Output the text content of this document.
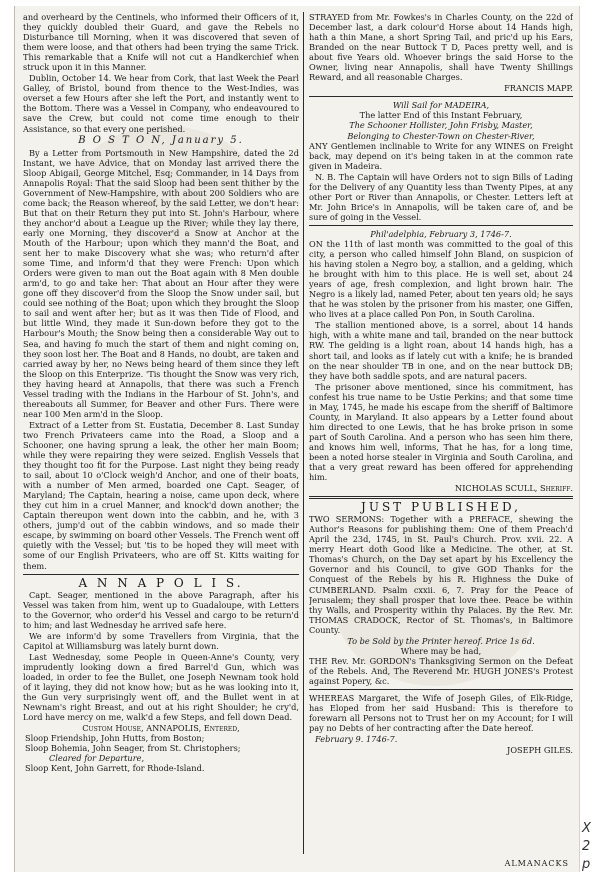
and overheard by the Centinels, who informed their Officers of it, they quickly doubled their Guard, and gave the Rebels no Disturbance till Morning, when it was discovered that seven of them were loose, and that others had been trying the same Trick. This remarkable that a Knife will not cut a Handkerchief when struck upon it in this Manner.
Dublin, October 14. We hear from Cork, that last Week the Pearl Galley, of Bristol, bound from thence to the West-Indies, was overset a few Hours after she left the Port, and instantly went to the Bottom. There was a Vessel in Company, who endeavoured to save the Crew, but could not come time enough to their Assistance, so that every one perished.
B O S T O N, January 5.
By a Letter from Portsmouth in New Hampshire, dated the 2d Instant, we have Advice, that on Monday last arrived there the Sloop Abigail, George Mitchel, Esq; Commander, in 14 Days from Annapolis Royal: That the said Sloop had been sent thither by the Government of New-Hampshire, with about 200 Soldiers who are come back; the Reason whereof, by the said Letter, we don't hear: But that on their Return they put into St. John's Harbour, where they anchor'd about a League up the River; while they lay there, early one Morning, they discover'd a Snow at Anchor at the Mouth of the Harbour; upon which they mann'd the Boat, and sent her to make Discovery what she was; who return'd after some Time, and inform'd that they were French: Upon which Orders were given to man out the Boat again with 8 Men double arm'd, to go and take her: That about an Hour after they were gone off they discover'd from the Sloop the Snow under sail, but could see nothing of the Boat; upon which they brought the Sloop to sail and went after her; but as it was then Tide of Flood, and but little Wind, they made it Sun-down before they got to the Harbour's Mouth; the Snow being then a considerable Way out to Sea, and having fo much the start of them and night coming on, they soon lost her. The Boat and 8 Hands, no doubt, are taken and carried away by her, no News being heard of them since they left the Sloop on this Enterprize. 'Tis thought the Snow was very rich, they having heard at Annapolis, that there was such a French Vessel trading with the Indians in the Harbour of St. John's, and thereabouts all Summer, for Beaver and other Furs. There were near 100 Men arm'd in the Sloop.
Extract of a Letter from St. Eustatia, December 8. Last Sunday two French Privateers came into the Road, a Sloop and a Schooner, one having sprung a leak, the other her main Boom; while they were repairing they were seized. English Vessels that they thought too fit for the Purpose. Last night they being ready to sail, about 10 o'Clock weigh'd Anchor, and one of their boats, with a number of Men armed, boarded one Capt. Seager, of Maryland; The Captain, hearing a noise, came upon deck, where they cut him in a cruel Manner, and knock'd down another; the Captain thereupon went down into the cabbin, and he, with 3 others, jump'd out of the cabbin windows, and so made their escape, by swimming on board other Vessels. The French went off quietly with the Vessel; but 'tis to be hoped they will meet with some of our English Privateers, who are off St. Kitts waiting for them.
A N N A P O L I S.
Capt. Seager, mentioned in the above Paragraph, after his Vessel was taken from him, went up to Guadaloupe, with Letters to the Governor, who order'd his Vessel and cargo to be return'd to him; and last Wednesday he arrived safe here.
We are inform'd by some Travellers from Virginia, that the Capitol at Williamsburg was lately burnt down.
Last Wednesday, some People in Queen-Anne's County, very imprudently looking down a fired Barrel'd Gun, which was loaded, in order to fee the Bullet, one Joseph Newnam took hold of it laying, they did not know how; but as he was looking into it, the Gun very surprisingly went off, and the Bullet went in at Newnam's right Breast, and out at his right Shoulder; he cry'd, Lord have mercy on me, walk'd a few Steps, and fell down Dead.
Custom House, ANNAPOLIS, Entered,
Sloop Friendship, John Hutts, from Boston;
Sloop Bohemia, John Seager, from St. Christophers;
Cleared for Departure,
Sloop Kent, John Garrett, for Rhode-Island.
STRAYED from Mr. Fowkes's in Charles County, on the 22d of December last, a dark colour'd Horse about 14 Hands high, hath a thin Mane, a short Spring Tail, and pric'd up his Ears, Branded on the near Buttock T D, Paces pretty well, and is about five Years old. Whoever brings the said Horse to the Owner, living near Annapolis, shall have Twenty Shillings Reward, and all reasonable Charges.
FRANCIS MAPP.
Will Sail for MADEIRA,
The latter End of this Instant February,
The Schooner Hollister, John Frisby, Master,
Belonging to Chester-Town on Chester-River,
ANY Gentlemen inclinable to Write for any WINES on Freight back, may depend on it's being taken in at the common rate given in Madeira.
N. B. The Captain will have Orders not to sign Bills of Lading for the Delivery of any Quantity less than Twenty Pipes, at any other Port or River than Annapolis, or Chester. Letters left at Mr. John Brice's in Annapolis, will be taken care of, and be sure of going in the Vessel.
Phil'adelphia, February 3, 1746-7.
ON the 11th of last month was committed to the goal of this city, a person who called himself John Bland, on suspicion of his having stolen a Negro boy, a stallion, and a gelding, which he brought with him to this place. He is well set, about 24 years of age, fresh complexion, and light brown hair. The Negro is a likely lad, named Peter, about ten years old; he says that he was stolen by the prisoner from his master, one Giffen, who lives at a place called Pon Pon, in South Carolina.
The stallion mentioned above, is a sorrel, about 14 hands high, with a white mane and tail, branded on the near buttock RW. The gelding is a light roan, about 14 hands high, has a short tail, and looks as if lately cut with a knife; he is branded on the near shoulder TB in one, and on the near buttock DB; they have both saddle spots, and are natural pacers.
The prisoner above mentioned, since his commitment, has confest his true name to be Ustie Perkins; and that some time in May, 1745, he made his escape from the sheriff of Baltimore County, in Maryland. It also appears by a Letter found about him directed to one Lewis, that he has broke prison in some part of South Carolina. And a person who has seen him there, and knows him well, informs, That he has, for a long time, been a noted horse stealer in Virginia and South Carolina, and that a very great reward has been offered for apprehending him.
NICHOLAS SCULL, Sheriff.
JUST PUBLISHED,
TWO SERMONS: Together with a PREFACE, shewing the Author's Reasons for publishing them: One of them Preach'd April the 23d, 1745, in St. Paul's Church. Prov. xvii. 22. A merry Heart doth Good like a Medicine. The other, at St. Thomas's Church, on the Day set apart by his Excellency the Governor and his Council, to give GOD Thanks for the Conquest of the Rebels by his R. Highness the Duke of CUMBERLAND. Psalm cxxii. 6, 7. Pray for the Peace of Jerusalem; they shall prosper that love thee. Peace be within thy Walls, and Prosperity within thy Palaces. By the Rev. Mr. THOMAS CRADOCK, Rector of St. Thomas's, in Baltimore County.
To be Sold by the Printer hereof. Price 1s 6d.
Where may be had,
THE Rev. Mr. GORDON's Thanksgiving Sermon on the Defeat of the Rebels. And, The Reverend Mr. HUGH JONES's Protest against Popery, &c.
WHEREAS Margaret, the Wife of Joseph Giles, of Elk-Ridge, has Eloped from her said Husband: This is therefore to forewarn all Persons not to Trust her on my Account; for I will pay no Debts of her contracting after the Date hereof.
February 9. 1746-7.
JOSEPH GILES.
ALMANACKS
X
2
p
